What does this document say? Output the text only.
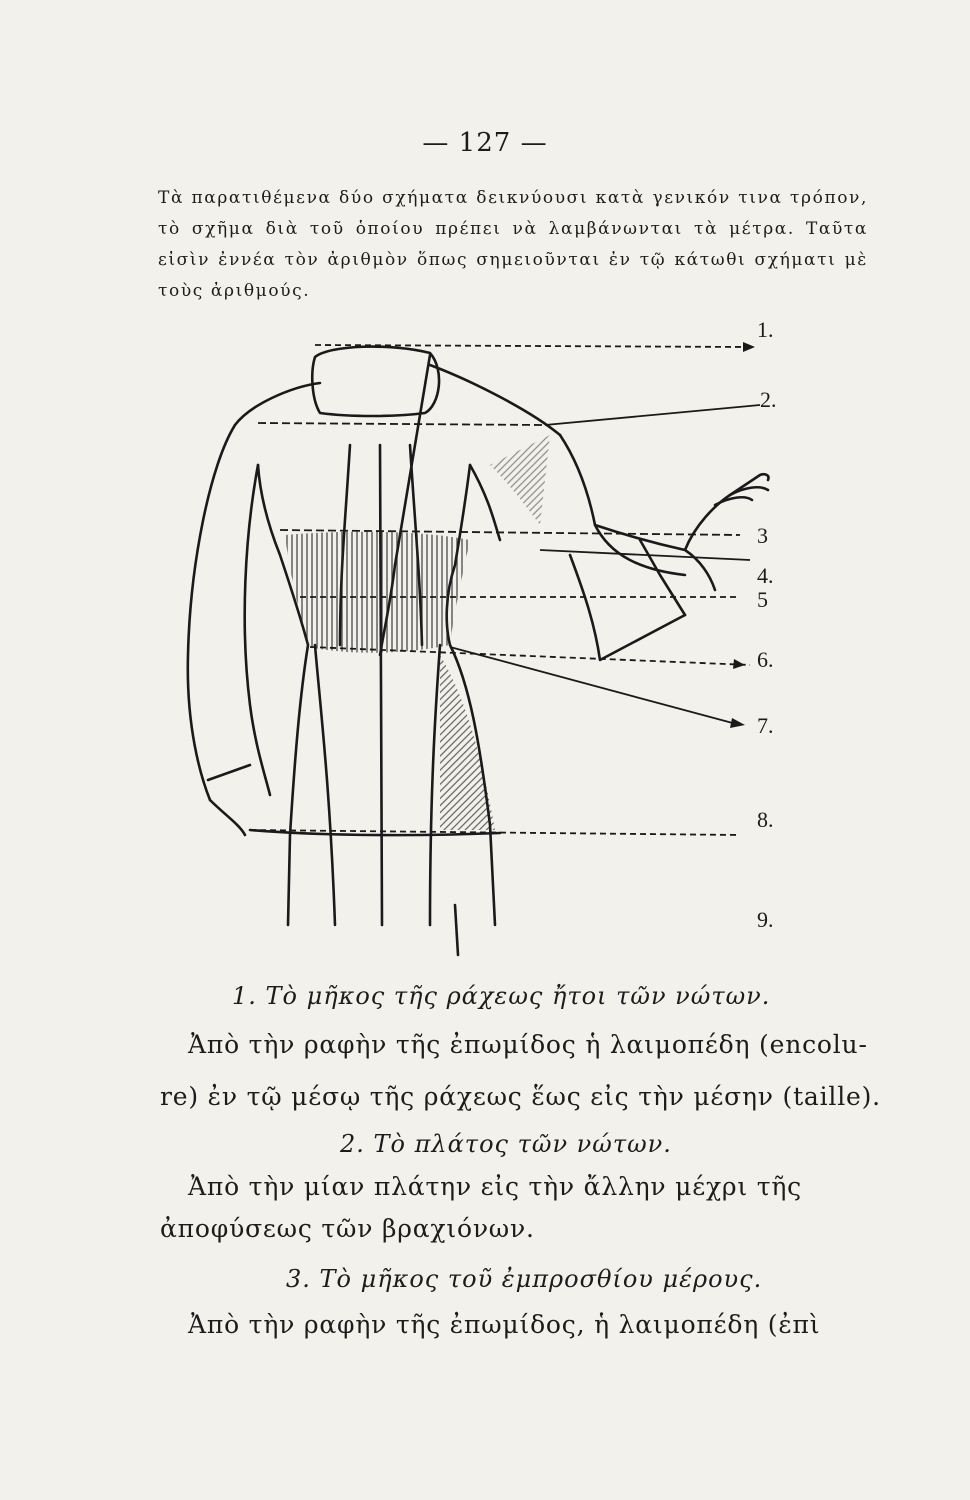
— 127 —
Τὰ παρατιθέμενα δύο σχήματα δεικνύουσι κατὰ γενικόν τινα τρόπον, τὸ σχῆμα διὰ τοῦ ὁποίου πρέπει νὰ λαμβάνωνται τὰ μέτρα. Ταῦτα εἰσὶν ἐννέα τὸν ἀριθμὸν ὅπως σημειοῦνται ἐν τῷ κάτωθι σχήματι μὲ τοὺς ἀριθμούς.
1.
2.
3
4.
5
6.
7.
8.
9.
1. Τὸ μῆκος τῆς ράχεως ἤτοι τῶν νώτων.
Ἀπὸ τὴν ραφὴν τῆς ἐπωμίδος ἡ λαιμοπέδη (encolu-
re) ἐν τῷ μέσῳ τῆς ράχεως ἕως εἰς τὴν μέσην (taille).
2. Τὸ πλάτος τῶν νώτων.
Ἀπὸ τὴν μίαν πλάτην εἰς τὴν ἄλλην μέχρι τῆς
ἀποφύσεως τῶν βραχιόνων.
3. Τὸ μῆκος τοῦ ἐμπροσθίου μέρους.
Ἀπὸ τὴν ραφὴν τῆς ἐπωμίδος, ἡ λαιμοπέδη (ἐπὶ
